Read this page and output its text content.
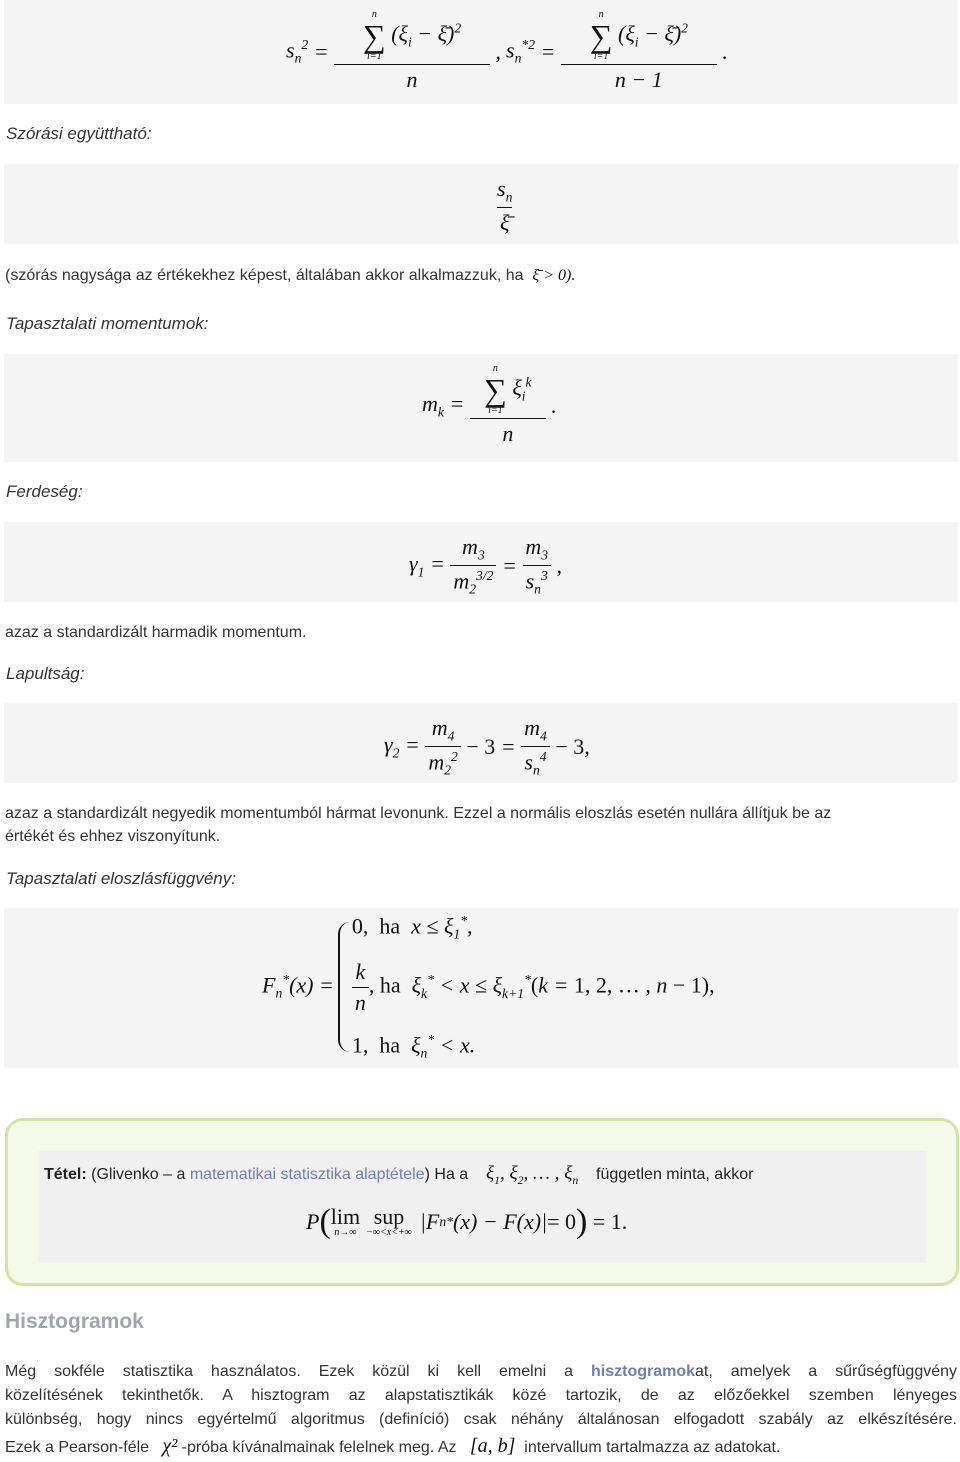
$s_n^2 = n$
∑
i=1
($\xi_i$ − ξ̄)$^2$
n , $s_n^{*2} = n$
∑
i=1
($\xi_i$ − ξ̄)$^2$
n − 1 .
Szórási együttható:
$\frac{s_n}{\xī}$
(szórás nagysága az értékekhez képest, általában akkor alkalmazzuk, ha ξ̄ > 0).
Tapasztalati momentumok:
$m_k = n$
∑
i=1
$\xi_i^k$
n .
Ferdeség:
$\gamma_1 = \frac{m_3}{m_2^{3/2}} = \frac{m_3}{s_n^3}$ ,
azaz a standardizált harmadik momentum.
Lapultság:
$\gamma_2 = \frac{m_4}{m_2^2}$
−
$3 = \frac{m_4}{s_n^4}$
−
3,
azaz a standardizált negyedik momentumból hármat levonunk. Ezzel a normális eloszlás esetén nullára állítjuk be az
értékét és ehhez viszonyítunk.
Tapasztalati eloszlásfüggvény:
$F_n^*(x)$ =
0, ha  $x \le \xi_1^*$,
$\frac{k}{n}$ , ha  $\xi_k^* < x \le \xi_{k+1}^*(k = 1$, 2, … , n − 1),
1, ha  $\xi_n^* < x$.
Tétel: (Glivenko – a matematikai statisztika alaptétele) Ha a $\xi_1$, $\xi_2$, … , $\xi_n$ független minta, akkor
P ( lim
n→∞
sup
−∞<x<+∞ |F n * (x) − F(x)| = 0 )
= 1.
Hisztogramok
Még sokféle statisztika használatos. Ezek közül ki kell emelni a hisztogramokat, amelyek a sűrűségfüggvény
közelítésének tekinthetők. A hisztogram az alapstatisztikák közé tartozik, de az előzőekkel szemben lényeges
különbség, hogy nincs egyértelmű algoritmus (definíció) csak néhány általánosan elfogadott szabály az elkészítésére.
Ezek a Pearson-féle χ² -próba kívánalmainak felelnek meg. Az [a, b] intervallum tartalmazza az adatokat.
